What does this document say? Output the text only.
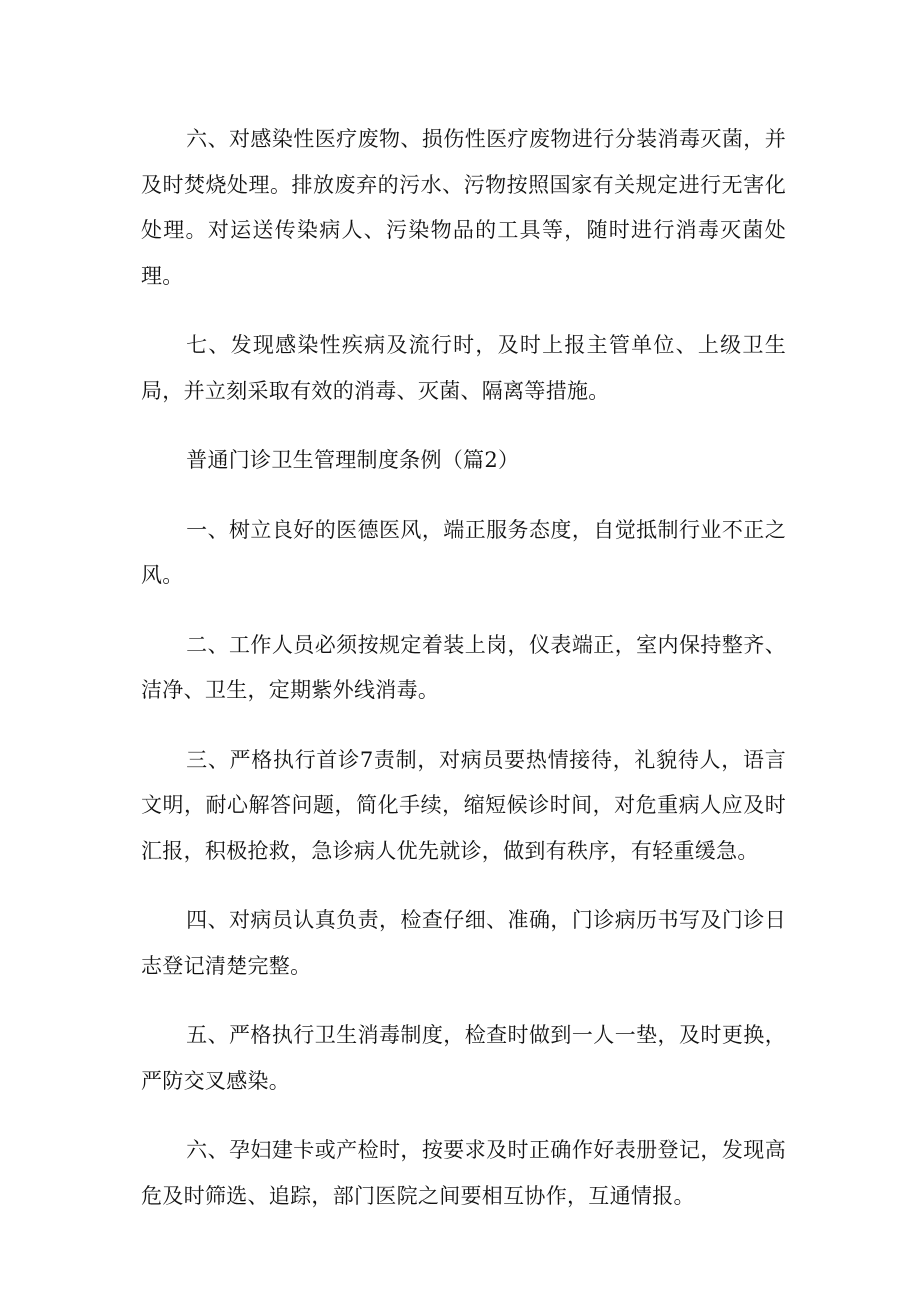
六、对感染性医疗废物、损伤性医疗废物进行分装消毒灭菌，并及时焚烧处理。排放废弃的污水、污物按照国家有关规定进行无害化处理。对运送传染病人、污染物品的工具等，随时进行消毒灭菌处理。

七、发现感染性疾病及流行时，及时上报主管单位、上级卫生局，并立刻采取有效的消毒、灭菌、隔离等措施。

普通门诊卫生管理制度条例（篇2）

一、树立良好的医德医风，端正服务态度，自觉抵制行业不正之风。

二、工作人员必须按规定着装上岗，仪表端正，室内保持整齐、洁净、卫生，定期紫外线消毒。

三、严格执行首诊7责制，对病员要热情接待，礼貌待人，语言文明，耐心解答问题，简化手续，缩短候诊时间，对危重病人应及时汇报，积极抢救，急诊病人优先就诊，做到有秩序，有轻重缓急。

四、对病员认真负责，检查仔细、准确，门诊病历书写及门诊日志登记清楚完整。

五、严格执行卫生消毒制度，检查时做到一人一垫，及时更换，严防交叉感染。

六、孕妇建卡或产检时，按要求及时正确作好表册登记，发现高危及时筛选、追踪，部门医院之间要相互协作，互通情报。
